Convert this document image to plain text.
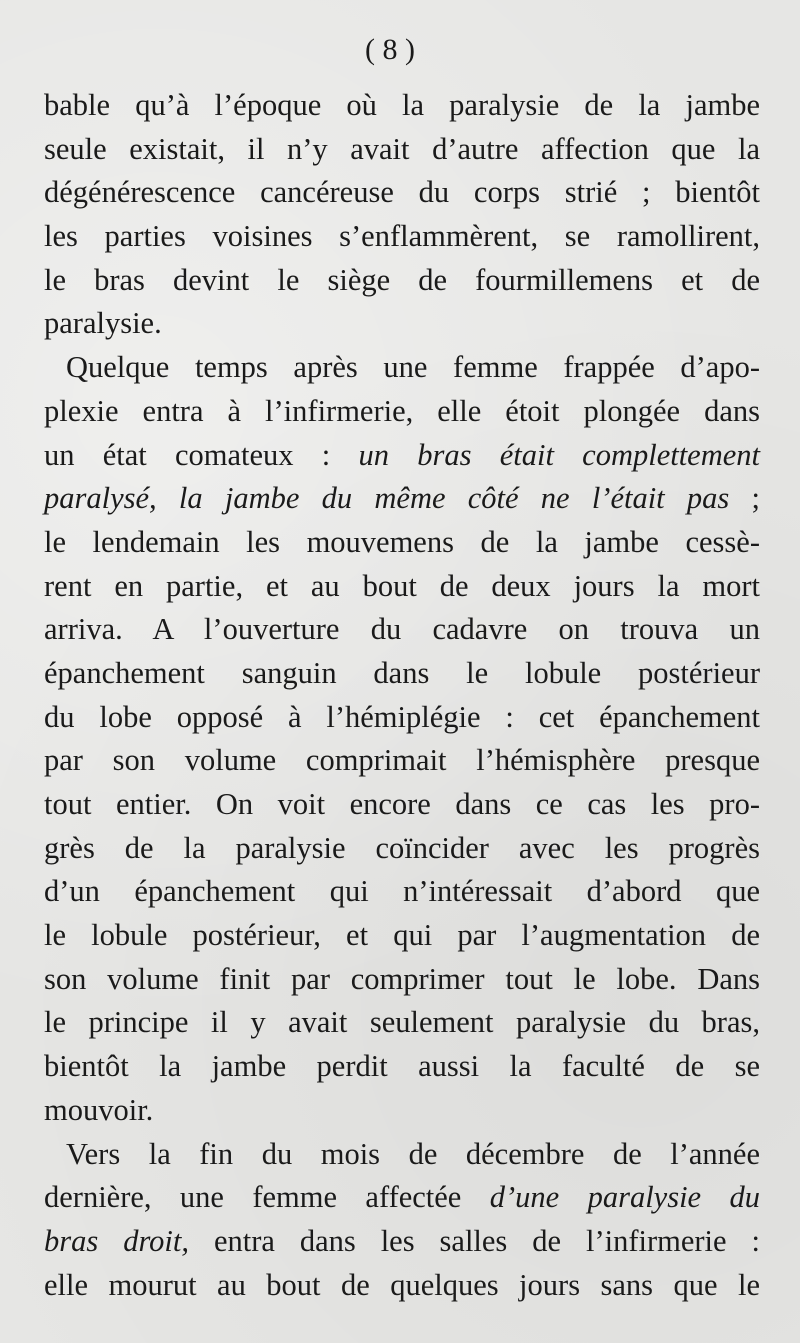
( 8 )
bable qu’à l’époque où la paralysie de la jambe
seule existait, il n’y avait d’autre affection que la
dégénérescence cancéreuse du corps strié ; bientôt
les parties voisines s’enflammèrent, se ramollirent,
le bras devint le siège de fourmillemens et de
paralysie.
Quelque temps après une femme frappée d’apo-
plexie entra à l’infirmerie, elle étoit plongée dans
un état comateux : un bras était complettement
paralysé, la jambe du même côté ne l’était pas ;
le lendemain les mouvemens de la jambe cessè-
rent en partie, et au bout de deux jours la mort
arriva. A l’ouverture du cadavre on trouva un
épanchement sanguin dans le lobule postérieur
du lobe opposé à l’hémiplégie : cet épanchement
par son volume comprimait l’hémisphère presque
tout entier. On voit encore dans ce cas les pro-
grès de la paralysie coïncider avec les progrès
d’un épanchement qui n’intéressait d’abord que
le lobule postérieur, et qui par l’augmentation de
son volume finit par comprimer tout le lobe. Dans
le principe il y avait seulement paralysie du bras,
bientôt la jambe perdit aussi la faculté de se
mouvoir.
Vers la fin du mois de décembre de l’année
dernière, une femme affectée d’une paralysie du
bras droit, entra dans les salles de l’infirmerie :
elle mourut au bout de quelques jours sans que le
